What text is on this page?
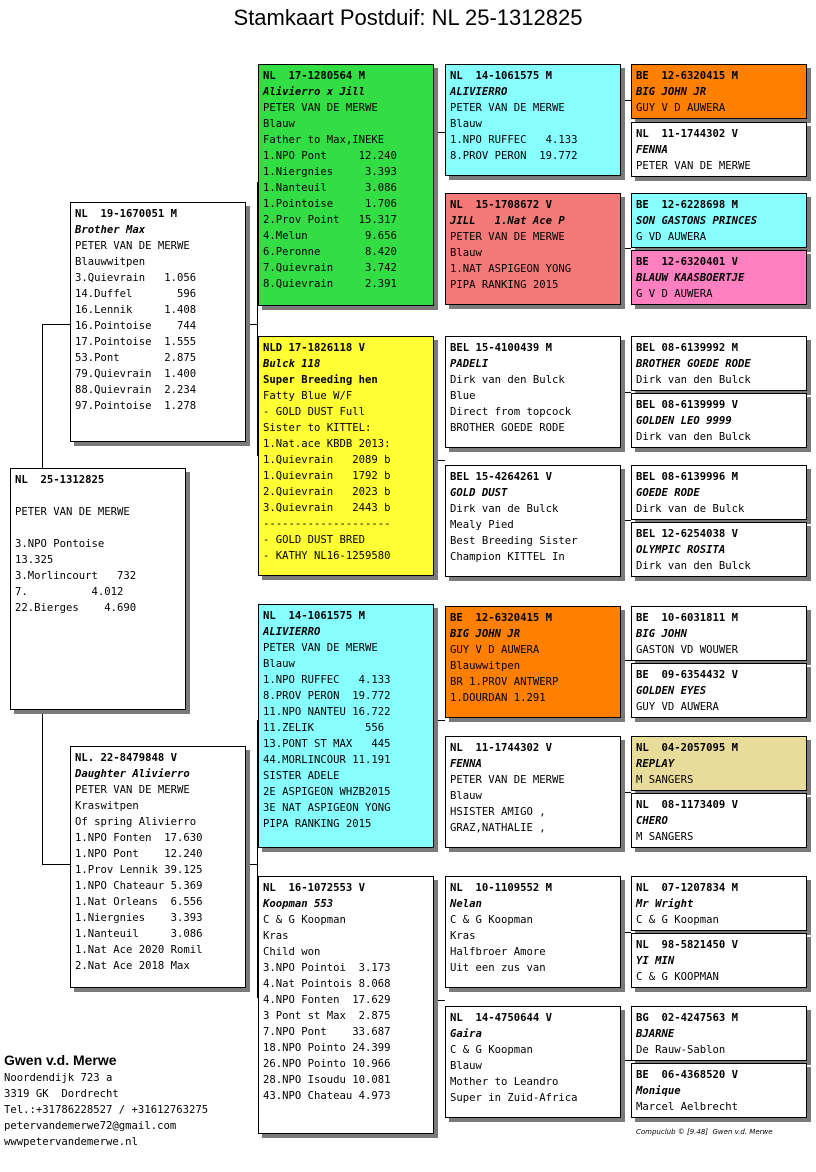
Stamkaart Postduif: NL 25-1312825
NL  25-1312825
PETER VAN DE MERWE
3.NPO Pontoise
13.325
3.Morlincourt   732
7.          4.012
22.Bierges    4.690
NL  19-1670051 M
Brother Max
PETER VAN DE MERWE
Blauwwitpen
3.Quievrain   1.056
14.Duffel       596
16.Lennik     1.408
16.Pointoise    744
17.Pointoise  1.555
53.Pont       2.875
79.Quievrain  1.400
88.Quievrain  2.234
97.Pointoise  1.278
NL. 22-8479848 V
Daughter Alivierro
PETER VAN DE MERWE
Kraswitpen
Of spring Alivierro
1.NPO Fonten  17.630
1.NPO Pont    12.240
1.Prov Lennik 39.125
1.NPO Chateaur 5.369
1.Nat Orleans  6.556
1.Niergnies    3.393
1.Nanteuil     3.086
1.Nat Ace 2020 Romil
2.Nat Ace 2018 Max
NL  17-1280564 M
Alivierro x Jill
PETER VAN DE MERWE
Blauw
Father to Max,INEKE
1.NPO Pont     12.240
1.Niergnies     3.393
1.Nanteuil      3.086
1.Pointoise     1.706
2.Prov Point   15.317
4.Melun         9.656
6.Peronne       8.420
7.Quievrain     3.742
8.Quievrain     2.391
NLD 17-1826118 V
Bulck 118
Super Breeding hen
Fatty Blue W/F
- GOLD DUST Full
Sister to KITTEL:
1.Nat.ace KBDB 2013:
1.Quievrain   2089 b
1.Quievrain   1792 b
2.Quievrain   2023 b
3.Quievrain   2443 b
--------------------
- GOLD DUST BRED
- KATHY NL16-1259580
NL  14-1061575 M
ALIVIERRO
PETER VAN DE MERWE
Blauw
1.NPO RUFFEC   4.133
8.PROV PERON  19.772
11.NPO NANTEU 16.722
11.ZELIK        556
13.PONT ST MAX   445
44.MORLINCOUR 11.191
SISTER ADELE
2E ASPIGEON WHZB2015
3E NAT ASPIGEON YONG
PIPA RANKING 2015
NL  16-1072553 V
Koopman 553
C & G Koopman
Kras
Child won
3.NPO Pointoi  3.173
4.Nat Pointois 8.068
4.NPO Fonten  17.629
3 Pont st Max  2.875
7.NPO Pont    33.687
18.NPO Pointo 24.399
26.NPO Pointo 10.966
28.NPO Isoudu 10.081
43.NPO Chateau 4.973
NL  14-1061575 M
ALIVIERRO
PETER VAN DE MERWE
Blauw
1.NPO RUFFEC   4.133
8.PROV PERON  19.772
NL  15-1708672 V
JILL   1.Nat Ace P
PETER VAN DE MERWE
Blauw
1.NAT ASPIGEON YONG
PIPA RANKING 2015
BEL 15-4100439 M
PADELI
Dirk van den Bulck
Blue
Direct from topcock
BROTHER GOEDE RODE
BEL 15-4264261 V
GOLD DUST
Dirk van de Bulck
Mealy Pied
Best Breeding Sister
Champion KITTEL In
BE  12-6320415 M
BIG JOHN JR
GUY V D AUWERA
Blauwwitpen
BR 1.PROV ANTWERP
1.DOURDAN 1.291
NL  11-1744302 V
FENNA
PETER VAN DE MERWE
Blauw
HSISTER AMIGO ,
GRAZ,NATHALIE ,
NL  10-1109552 M
Nelan
C & G Koopman
Kras
Halfbroer Amore
Uit een zus van
NL  14-4750644 V
Gaira
C & G Koopman
Blauw
Mother to Leandro
Super in Zuid-Africa
BE  12-6320415 M
BIG JOHN JR
GUY V D AUWERA
NL  11-1744302 V
FENNA
PETER VAN DE MERWE
BE  12-6228698 M
SON GASTONS PRINCES
G VD AUWERA
BE  12-6320401 V
BLAUW KAASBOERTJE
G V D AUWERA
BEL 08-6139992 M
BROTHER GOEDE RODE
Dirk van den Bulck
BEL 08-6139999 V
GOLDEN LEO 9999
Dirk van den Bulck
BEL 08-6139996 M
GOEDE RODE
Dirk van de Bulck
BEL 12-6254038 V
OLYMPIC ROSITA
Dirk van den Bulck
BE  10-6031811 M
BIG JOHN
GASTON VD WOUWER
BE  09-6354432 V
GOLDEN EYES
GUY VD AUWERA
NL  04-2057095 M
REPLAY
M SANGERS
NL  08-1173409 V
CHERO
M SANGERS
NL  07-1207834 M
Mr Wright
C & G Koopman
NL  98-5821450 V
YI MIN
C & G KOOPMAN
BG  02-4247563 M
BJARNE
De Rauw-Sablon
BE  06-4368520 V
Monique
Marcel Aelbrecht

Gwen v.d. Merwe
Noordendijk 723 a
3319 GK  Dordrecht
Tel.:+31786228527 / +31612763275
petervandemerwe72@gmail.com
wwwpetervandemerwe.nl

Compuclub © [9.48]  Gwen v.d. Merwe
